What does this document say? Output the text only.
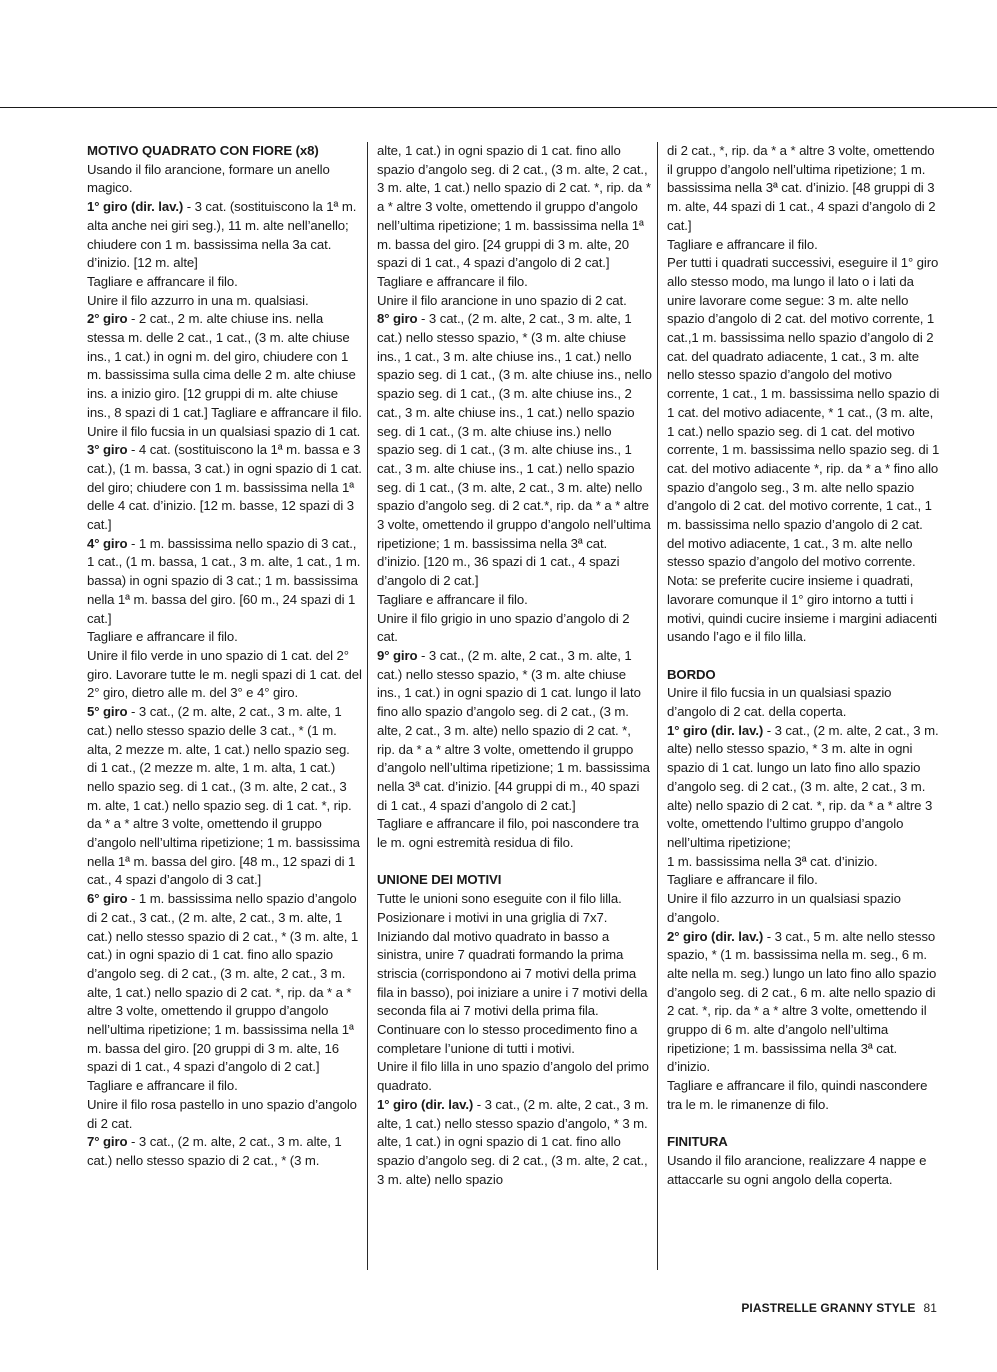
MOTIVO QUADRATO CON FIORE (x8)

Usando il filo arancione, formare un anello magico.

1° giro (dir. lav.) - 3 cat. (sostituiscono la 1ª m. alta anche nei giri seg.), 11 m. alte nell’anello; chiudere con 1 m. bassissima nella 3a cat. d’inizio. [12 m. alte]

Tagliare e affrancare il filo.

Unire il filo azzurro in una m. qualsiasi.

2° giro - 2 cat., 2 m. alte chiuse ins. nella stessa m. delle 2 cat., 1 cat., (3 m. alte chiuse ins., 1 cat.) in ogni m. del giro, chiudere con 1 m. bassissima sulla cima delle 2 m. alte chiuse ins. a inizio giro. [12 gruppi di m. alte chiuse ins., 8 spazi di 1 cat.] Tagliare e affrancare il filo.

Unire il filo fucsia in un qualsiasi spazio di 1 cat.

3° giro - 4 cat. (sostituiscono la 1ª m. bassa e 3 cat.), (1 m. bassa, 3 cat.) in ogni spazio di 1 cat. del giro; chiudere con 1 m. bassissima nella 1ª delle 4 cat. d’inizio. [12 m. basse, 12 spazi di 3 cat.]

4° giro - 1 m. bassissima nello spazio di 3 cat., 1 cat., (1 m. bassa, 1 cat., 3 m. alte, 1 cat., 1 m. bassa) in ogni spazio di 3 cat.; 1 m. bassissima nella 1ª m. bassa del giro. [60 m., 24 spazi di 1 cat.]

Tagliare e affrancare il filo.

Unire il filo verde in uno spazio di 1 cat. del 2° giro. Lavorare tutte le m. negli spazi di 1 cat. del 2° giro, dietro alle m. del 3° e 4° giro.

5° giro - 3 cat., (2 m. alte, 2 cat., 3 m. alte, 1 cat.) nello stesso spazio delle 3 cat., * (1 m. alta, 2 mezze m. alte, 1 cat.) nello spazio seg. di 1 cat., (2 mezze m. alte, 1 m. alta, 1 cat.) nello spazio seg. di 1 cat., (3 m. alte, 2 cat., 3 m. alte, 1 cat.) nello spazio seg. di 1 cat. *, rip. da * a * altre 3 volte, omettendo il gruppo d’angolo nell’ultima ripetizione; 1 m. bassissima nella 1ª m. bassa del giro. [48 m., 12 spazi di 1 cat., 4 spazi d’angolo di 3 cat.]

6° giro - 1 m. bassissima nello spazio d’angolo di 2 cat., 3 cat., (2 m. alte, 2 cat., 3 m. alte, 1 cat.) nello stesso spazio di 2 cat., * (3 m. alte, 1 cat.) in ogni spazio di 1 cat. fino allo spazio d’angolo seg. di 2 cat., (3 m. alte, 2 cat., 3 m. alte, 1 cat.) nello spazio di 2 cat. *, rip. da * a * altre 3 volte, omettendo il gruppo d’angolo nell’ultima ripetizione; 1 m. bassissima nella 1ª m. bassa del giro. [20 gruppi di 3 m. alte, 16 spazi di 1 cat., 4 spazi d’angolo di 2 cat.]

Tagliare e affrancare il filo.

Unire il filo rosa pastello in uno spazio d’angolo di 2 cat.

7° giro - 3 cat., (2 m. alte, 2 cat., 3 m. alte, 1 cat.) nello stesso spazio di 2 cat., * (3 m.

alte, 1 cat.) in ogni spazio di 1 cat. fino allo spazio d’angolo seg. di 2 cat., (3 m. alte, 2 cat., 3 m. alte, 1 cat.) nello spazio di 2 cat. *, rip. da * a * altre 3 volte, omettendo il gruppo d’angolo nell’ultima ripetizione; 1 m. bassissima nella 1ª m. bassa del giro. [24 gruppi di 3 m. alte, 20 spazi di 1 cat., 4 spazi d’angolo di 2 cat.]

Tagliare e affrancare il filo.

Unire il filo arancione in uno spazio di 2 cat.

8° giro - 3 cat., (2 m. alte, 2 cat., 3 m. alte, 1 cat.) nello stesso spazio, * (3 m. alte chiuse ins., 1 cat., 3 m. alte chiuse ins., 1 cat.) nello spazio seg. di 1 cat., (3 m. alte chiuse ins., nello spazio seg. di 1 cat., (3 m. alte chiuse ins., 2 cat., 3 m. alte chiuse ins., 1 cat.) nello spazio seg. di 1 cat., (3 m. alte chiuse ins.) nello spazio seg. di 1 cat., (3 m. alte chiuse ins., 1 cat., 3 m. alte chiuse ins., 1 cat.) nello spazio seg. di 1 cat., (3 m. alte, 2 cat., 3 m. alte) nello spazio d’angolo seg. di 2 cat.*, rip. da * a * altre 3 volte, omettendo il gruppo d’angolo nell’ultima ripetizione; 1 m. bassissima nella 3ª cat. d’inizio. [120 m., 36 spazi di 1 cat., 4 spazi d’angolo di 2 cat.]

Tagliare e affrancare il filo.

Unire il filo grigio in uno spazio d’angolo di 2 cat.

9° giro - 3 cat., (2 m. alte, 2 cat., 3 m. alte, 1 cat.) nello stesso spazio, * (3 m. alte chiuse ins., 1 cat.) in ogni spazio di 1 cat. lungo il lato fino allo spazio d’angolo seg. di 2 cat., (3 m. alte, 2 cat., 3 m. alte) nello spazio di 2 cat. *, rip. da * a * altre 3 volte, omettendo il gruppo d’angolo nell’ultima ripetizione; 1 m. bassissima nella 3ª cat. d’inizio. [44 gruppi di m., 40 spazi di 1 cat., 4 spazi d’angolo di 2 cat.]

Tagliare e affrancare il filo, poi nascondere tra le m. ogni estremità residua di filo.

UNIONE DEI MOTIVI

Tutte le unioni sono eseguite con il filo lilla. Posizionare i motivi in una griglia di 7x7. Iniziando dal motivo quadrato in basso a sinistra, unire 7 quadrati formando la prima striscia (corrispondono ai 7 motivi della prima fila in basso), poi iniziare a unire i 7 motivi della seconda fila ai 7 motivi della prima fila. Continuare con lo stesso procedimento fino a completare l’unione di tutti i motivi.

Unire il filo lilla in uno spazio d’angolo del primo quadrato.

1° giro (dir. lav.) - 3 cat., (2 m. alte, 2 cat., 3 m. alte, 1 cat.) nello stesso spazio d’angolo, * 3 m. alte, 1 cat.) in ogni spazio di 1 cat. fino allo spazio d’angolo seg. di 2 cat., (3 m. alte, 2 cat., 3 m. alte) nello spazio

di 2 cat., *, rip. da * a * altre 3 volte, omettendo il gruppo d’angolo nell’ultima ripetizione; 1 m. bassissima nella 3ª cat. d’inizio. [48 gruppi di 3 m. alte, 44 spazi di 1 cat., 4 spazi d’angolo di 2 cat.]

Tagliare e affrancare il filo.

Per tutti i quadrati successivi, eseguire il 1° giro allo stesso modo, ma lungo il lato o i lati da unire lavorare come segue: 3 m. alte nello spazio d’angolo di 2 cat. del motivo corrente, 1 cat.,1 m. bassissima nello spazio d’angolo di 2 cat. del quadrato adiacente, 1 cat., 3 m. alte nello stesso spazio d’angolo del motivo corrente, 1 cat., 1 m. bassissima nello spazio di 1 cat. del motivo adiacente, * 1 cat., (3 m. alte, 1 cat.) nello spazio seg. di 1 cat. del motivo corrente, 1 m. bassissima nello spazio seg. di 1 cat. del motivo adiacente *, rip. da * a * fino allo spazio d’angolo seg., 3 m. alte nello spazio d’angolo di 2 cat. del motivo corrente, 1 cat., 1 m. bassissima nello spazio d’angolo di 2 cat. del motivo adiacente, 1 cat., 3 m. alte nello stesso spazio d’angolo del motivo corrente.

Nota: se preferite cucire insieme i quadrati, lavorare comunque il 1° giro intorno a tutti i motivi, quindi cucire insieme i margini adiacenti usando l’ago e il filo lilla.

BORDO

Unire il filo fucsia in un qualsiasi spazio d’angolo di 2 cat. della coperta.

1° giro (dir. lav.) - 3 cat., (2 m. alte, 2 cat., 3 m. alte) nello stesso spazio, * 3 m. alte in ogni spazio di 1 cat. lungo un lato fino allo spazio d’angolo seg. di 2 cat., (3 m. alte, 2 cat., 3 m. alte) nello spazio di 2 cat. *, rip. da * a * altre 3 volte, omettendo l’ultimo gruppo d’angolo nell’ultima ripetizione;

1 m. bassissima nella 3ª cat. d’inizio.

Tagliare e affrancare il filo.

Unire il filo azzurro in un qualsiasi spazio d’angolo.

2° giro (dir. lav.) - 3 cat., 5 m. alte nello stesso spazio, * (1 m. bassissima nella m. seg., 6 m. alte nella m. seg.) lungo un lato fino allo spazio d’angolo seg. di 2 cat., 6 m. alte nello spazio di 2 cat. *, rip. da * a * altre 3 volte, omettendo il gruppo di 6 m. alte d’angolo nell’ultima ripetizione; 1 m. bassissima nella 3ª cat. d’inizio.

Tagliare e affrancare il filo, quindi nascondere tra le m. le rimanenze di filo.

FINITURA

Usando il filo arancione, realizzare 4 nappe e attaccarle su ogni angolo della coperta.

PIASTRELLE GRANNY STYLE 81
